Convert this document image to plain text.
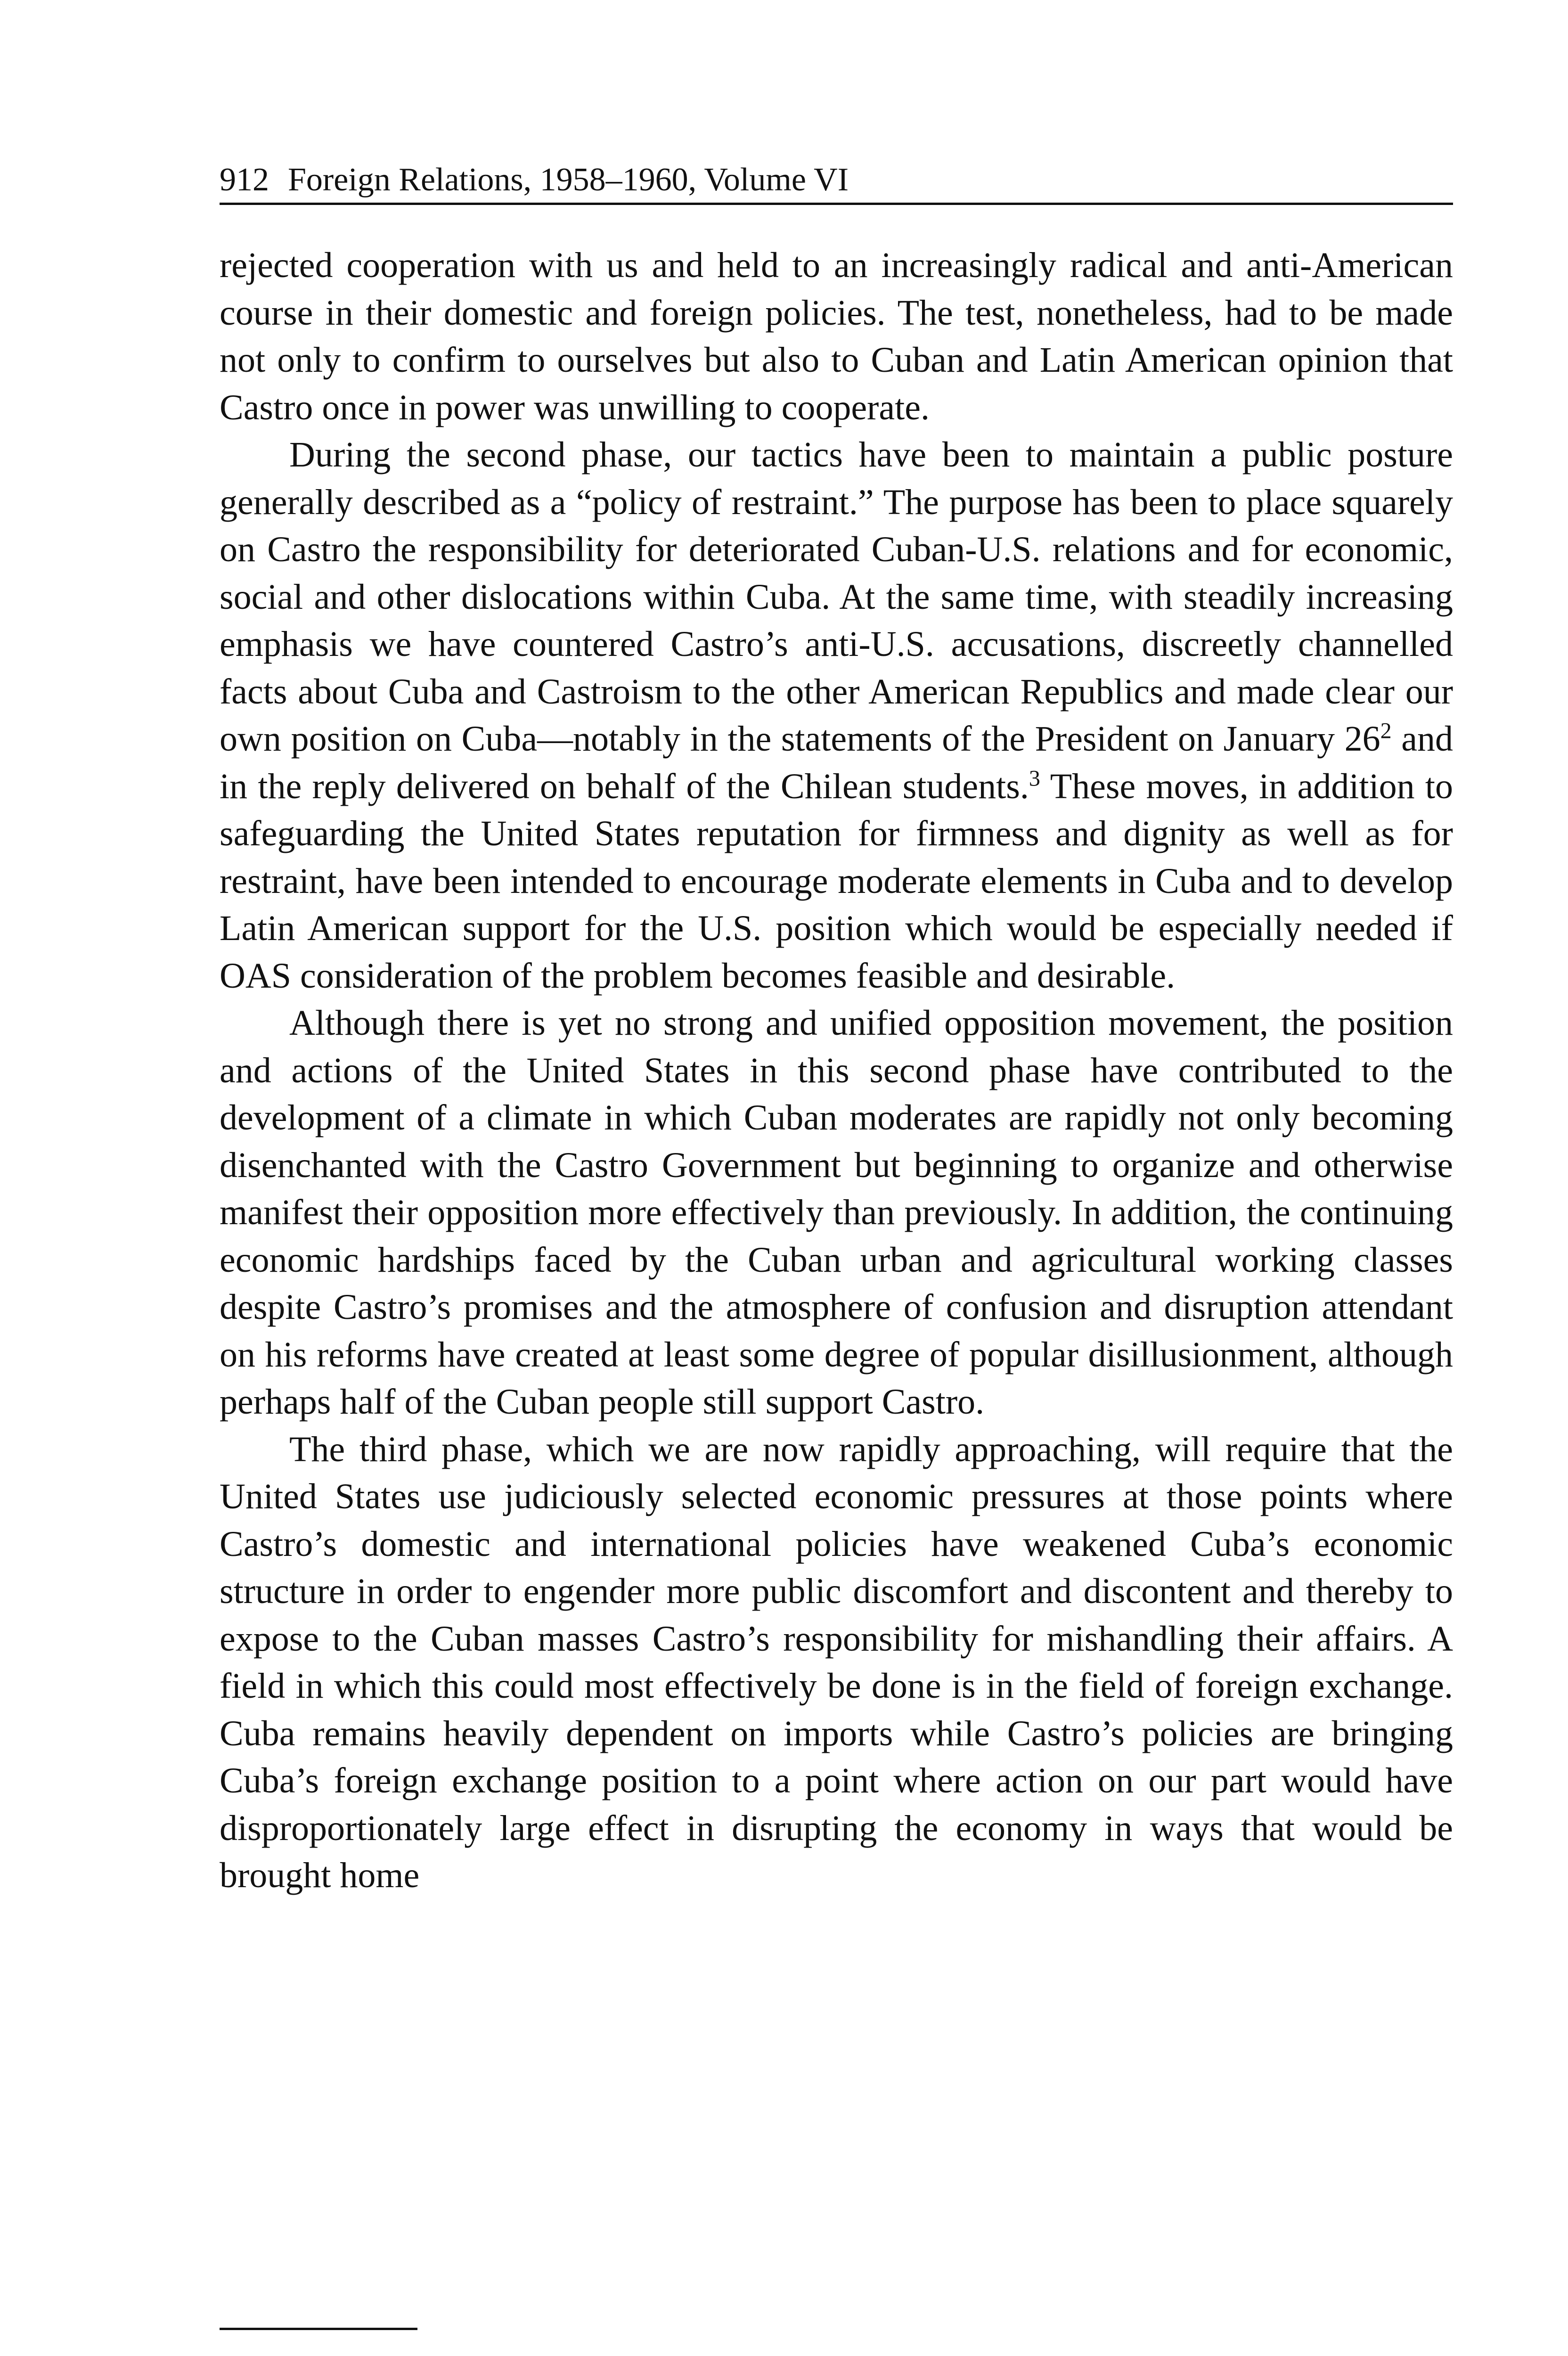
912 Foreign Relations, 1958–1960, Volume VI

rejected cooperation with us and held to an increasingly radical and anti-American course in their domestic and foreign policies. The test, nonetheless, had to be made not only to confirm to ourselves but also to Cuban and Latin American opinion that Castro once in power was unwilling to cooperate.

During the second phase, our tactics have been to maintain a public posture generally described as a “policy of restraint.” The purpose has been to place squarely on Castro the responsibility for deteriorated Cuban-U.S. relations and for economic, social and other dislocations within Cuba. At the same time, with steadily increasing emphasis we have countered Castro’s anti-U.S. accusations, discreetly channelled facts about Cuba and Castroism to the other American Republics and made clear our own position on Cuba—notably in the statements of the President on January 26$^2$ and in the reply delivered on behalf of the Chilean students.$^3$ These moves, in addition to safeguarding the United States reputation for firmness and dignity as well as for restraint, have been intended to encourage moderate elements in Cuba and to develop Latin American support for the U.S. position which would be especially needed if OAS consideration of the problem becomes feasible and desirable.

Although there is yet no strong and unified opposition movement, the position and actions of the United States in this second phase have contributed to the development of a climate in which Cuban moderates are rapidly not only becoming disenchanted with the Castro Government but beginning to organize and otherwise manifest their opposition more effectively than previously. In addition, the continuing economic hardships faced by the Cuban urban and agricultural working classes despite Castro’s promises and the atmosphere of confusion and disruption attendant on his reforms have created at least some degree of popular disillusionment, although perhaps half of the Cuban people still support Castro.

The third phase, which we are now rapidly approaching, will require that the United States use judiciously selected economic pressures at those points where Castro’s domestic and international policies have weakened Cuba’s economic structure in order to engender more public discomfort and discontent and thereby to expose to the Cuban masses Castro’s responsibility for mishandling their affairs. A field in which this could most effectively be done is in the field of foreign exchange. Cuba remains heavily dependent on imports while Castro’s policies are bringing Cuba’s foreign exchange position to a point where action on our part would have disproportionately large effect in disrupting the economy in ways that would be brought home
